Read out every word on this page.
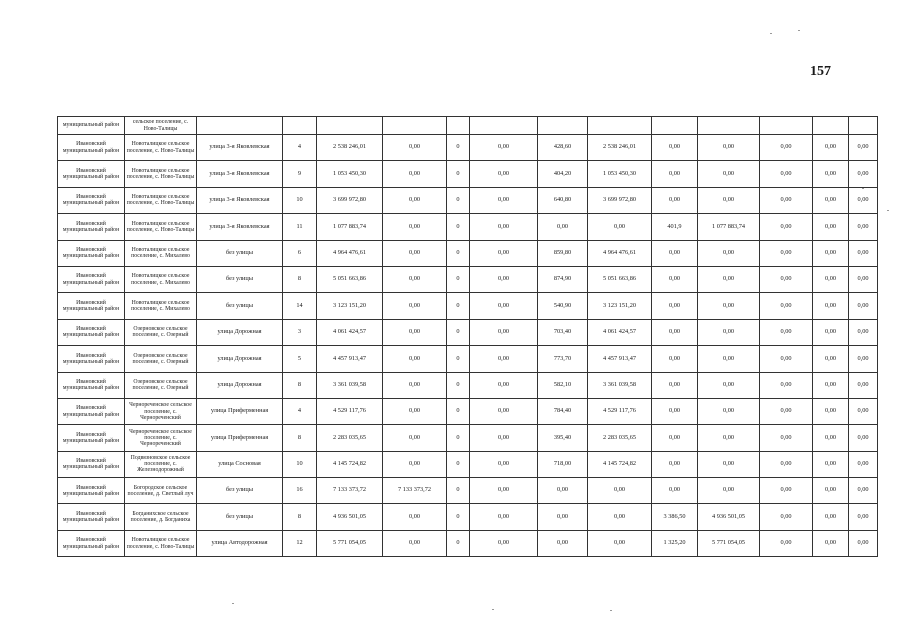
157
муниципальный район	сельское поселение, с. Ново-Талицы													

Ивановский муниципальный район	Новоталицкое сельское поселение, с. Ново-Талицы	улица 3-я Яковлевская	4	2 538 246,01	0,00	0	0,00	428,60	2 538 246,01	0,00	0,00	0,00	0,00	0,00

Ивановский муниципальный район	Новоталицкое сельское поселение, с. Ново-Талицы	улица 3-я Яковлевская	9	1 053 450,30	0,00	0	0,00	404,20	1 053 450,30	0,00	0,00	0,00	0,00	0,00

Ивановский муниципальный район	Новоталицкое сельское поселение, с. Ново-Талицы	улица 3-я Яковлевская	10	3 699 972,80	0,00	0	0,00	640,80	3 699 972,80	0,00	0,00	0,00	0,00	0,00

Ивановский муниципальный район	Новоталицкое сельское поселение, с. Ново-Талицы	улица 3-я Яковлевская	11	1 077 883,74	0,00	0	0,00	0,00	0,00	401,9	1 077 883,74	0,00	0,00	0,00

Ивановский муниципальный район	Новоталицкое сельское поселение, с. Михалево	без улицы	6	4 964 476,61	0,00	0	0,00	859,80	4 964 476,61	0,00	0,00	0,00	0,00	0,00

Ивановский муниципальный район	Новоталицкое сельское поселение, с. Михалево	без улицы	8	5 051 663,86	0,00	0	0,00	874,90	5 051 663,86	0,00	0,00	0,00	0,00	0,00

Ивановский муниципальный район	Новоталицкое сельское поселение, с. Михалево	без улицы	14	3 123 151,20	0,00	0	0,00	540,90	3 123 151,20	0,00	0,00	0,00	0,00	0,00

Ивановский муниципальный район	Озерновское сельское поселение, с. Озерный	улица Дорожная	3	4 061 424,57	0,00	0	0,00	703,40	4 061 424,57	0,00	0,00	0,00	0,00	0,00

Ивановский муниципальный район	Озерновское сельское поселение, с. Озерный	улица Дорожная	5	4 457 913,47	0,00	0	0,00	773,70	4 457 913,47	0,00	0,00	0,00	0,00	0,00

Ивановский муниципальный район	Озерновское сельское поселение, с. Озерный	улица Дорожная	8	3 361 039,58	0,00	0	0,00	582,10	3 361 039,58	0,00	0,00	0,00	0,00	0,00

Ивановский муниципальный район	Чернореченское сельское поселение, с. Чернореченский	улица Приферменная	4	4 529 117,76	0,00	0	0,00	784,40	4 529 117,76	0,00	0,00	0,00	0,00	0,00

Ивановский муниципальный район	Чернореченское сельское поселение, с. Чернореченский	улица Приферменная	8	2 283 035,65	0,00	0	0,00	395,40	2 283 035,65	0,00	0,00	0,00	0,00	0,00

Ивановский муниципальный район	Подвязновское сельское поселение, с. Железнодорожный	улица Сосновая	10	4 145 724,82	0,00	0	0,00	718,00	4 145 724,82	0,00	0,00	0,00	0,00	0,00

Ивановский муниципальный район	Богородское сельское поселение, д. Светлый луч	без улицы	16	7 133 373,72	7 133 373,72	0	0,00	0,00	0,00	0,00	0,00	0,00	0,00	0,00

Ивановский муниципальный район	Богданихское сельское поселение, д. Богданиха	без улицы	8	4 936 501,05	0,00	0	0,00	0,00	0,00	3 386,50	4 936 501,05	0,00	0,00	0,00

Ивановский муниципальный район	Новоталицкое сельское поселение, с. Ново-Талицы	улица Автодорожная	12	5 771 054,05	0,00	0	0,00	0,00	0,00	1 325,20	5 771 054,05	0,00	0,00	0,00
